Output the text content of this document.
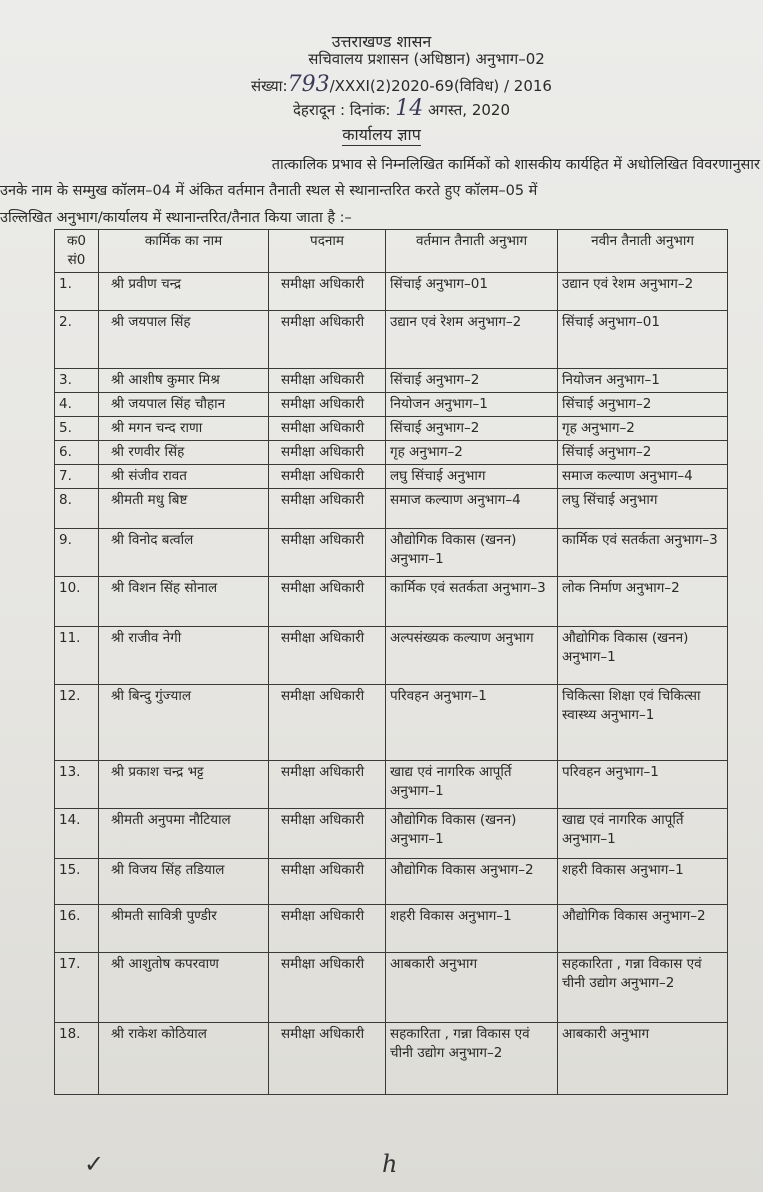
उत्तराखण्ड शासन
सचिवालय प्रशासन (अधिष्ठान) अनुभाग–02
संख्या:793/XXXI(2)2020-69(विविध) / 2016
देहरादून : दिनांक: 14 अगस्त, 2020
कार्यालय ज्ञाप
तात्कालिक प्रभाव से निम्नलिखित कार्मिकों को शासकीय कार्यहित में अधोलिखित विवरणानुसार
उनके नाम के सम्मुख कॉलम–04 में अंकित वर्तमान तैनाती स्थल से स्थानान्तरित करते हुए कॉलम–05 में
उल्लिखित अनुभाग/कार्यालय में स्थानान्तरित/तैनात किया जाता है :–
क0 सं0	कार्मिक का नाम	पदनाम	वर्तमान तैनाती अनुभाग	नवीन तैनाती अनुभाग
1.	श्री प्रवीण चन्द्र	समीक्षा अधिकारी	सिंचाई अनुभाग–01	उद्यान एवं रेशम अनुभाग–2
2.	श्री जयपाल सिंह	समीक्षा अधिकारी	उद्यान एवं रेशम अनुभाग–2	सिंचाई अनुभाग–01
3.	श्री आशीष कुमार मिश्र	समीक्षा अधिकारी	सिंचाई अनुभाग–2	नियोजन अनुभाग–1
4.	श्री जयपाल सिंह चौहान	समीक्षा अधिकारी	नियोजन अनुभाग–1	सिंचाई अनुभाग–2
5.	श्री मगन चन्द राणा	समीक्षा अधिकारी	सिंचाई अनुभाग–2	गृह अनुभाग–2
6.	श्री रणवीर सिंह	समीक्षा अधिकारी	गृह अनुभाग–2	सिंचाई अनुभाग–2
7.	श्री संजीव रावत	समीक्षा अधिकारी	लघु सिंचाई अनुभाग	समाज कल्याण अनुभाग–4
8.	श्रीमती मधु बिष्ट	समीक्षा अधिकारी	समाज कल्याण अनुभाग–4	लघु सिंचाई अनुभाग
9.	श्री विनोद बर्त्वाल	समीक्षा अधिकारी	औद्योगिक विकास (खनन) अनुभाग–1	कार्मिक एवं सतर्कता अनुभाग–3
10.	श्री विशन सिंह सोनाल	समीक्षा अधिकारी	कार्मिक एवं सतर्कता अनुभाग–3	लोक निर्माण अनुभाग–2
11.	श्री राजीव नेगी	समीक्षा अधिकारी	अल्पसंख्यक कल्याण अनुभाग	औद्योगिक विकास (खनन) अनुभाग–1
12.	श्री बिन्दु गुंज्याल	समीक्षा अधिकारी	परिवहन अनुभाग–1	चिकित्सा शिक्षा एवं चिकित्सा स्वास्थ्य अनुभाग–1
13.	श्री प्रकाश चन्द्र भट्ट	समीक्षा अधिकारी	खाद्य एवं नागरिक आपूर्ति अनुभाग–1	परिवहन अनुभाग–1
14.	श्रीमती अनुपमा नौटियाल	समीक्षा अधिकारी	औद्योगिक विकास (खनन) अनुभाग–1	खाद्य एवं नागरिक आपूर्ति अनुभाग–1
15.	श्री विजय सिंह तडियाल	समीक्षा अधिकारी	औद्योगिक विकास अनुभाग–2	शहरी विकास अनुभाग–1
16.	श्रीमती सावित्री पुण्डीर	समीक्षा अधिकारी	शहरी विकास अनुभाग–1	औद्योगिक विकास अनुभाग–2
17.	श्री आशुतोष कपरवाण	समीक्षा अधिकारी	आबकारी अनुभाग	सहकारिता , गन्ना विकास एवं चीनी उद्योग अनुभाग–2
18.	श्री राकेश कोठियाल	समीक्षा अधिकारी	सहकारिता , गन्ना विकास एवं चीनी उद्योग अनुभाग–2	आबकारी अनुभाग
✓	h
